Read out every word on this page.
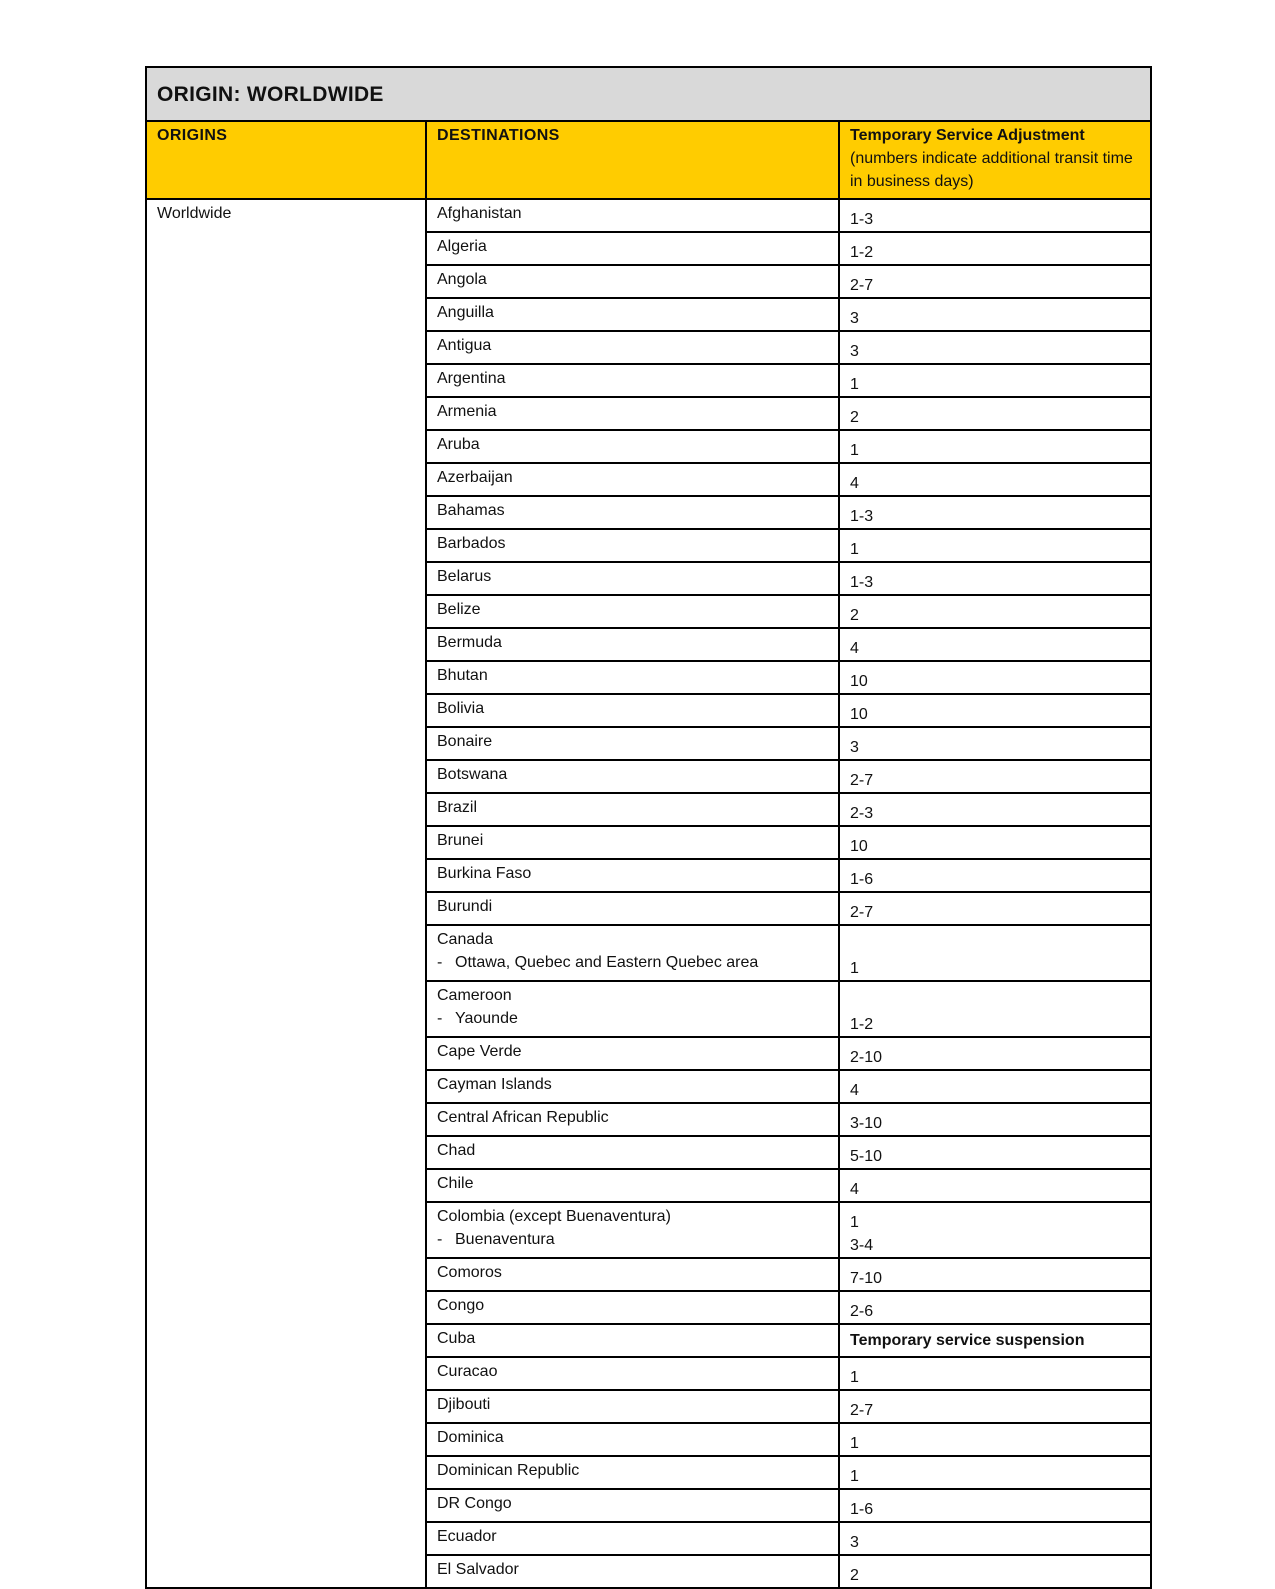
ORIGIN: WORLDWIDE		
ORIGINS	DESTINATIONS	Temporary Service Adjustment
(numbers indicate additional transit time in business days)

Worldwide	Afghanistan	1-3

	Algeria	1-2

	Angola	2-7

	Anguilla	3

	Antigua	3

	Argentina	1

	Armenia	2

	Aruba	1

	Azerbaijan	4

	Bahamas	1-3

	Barbados	1

	Belarus	1-3

	Belize	2

	Bermuda	4

	Bhutan	10

	Bolivia	10

	Bonaire	3

	Botswana	2-7

	Brazil	2-3

	Brunei	10

	Burkina Faso	1-6

	Burundi	2-7

	Canada
- Ottawa, Quebec and Eastern Quebec area	1

	Cameroon
- Yaounde	1-2

	Cape Verde	2-10

	Cayman Islands	4

	Central African Republic	3-10

	Chad	5-10

	Chile	4

	Colombia (except Buenaventura)
- Buenaventura	1
3-4

	Comoros	7-10

	Congo	2-6

	Cuba	Temporary service suspension

	Curacao	1

	Djibouti	2-7

	Dominica	1

	Dominican Republic	1

	DR Congo	1-6

	Ecuador	3

	El Salvador	2
